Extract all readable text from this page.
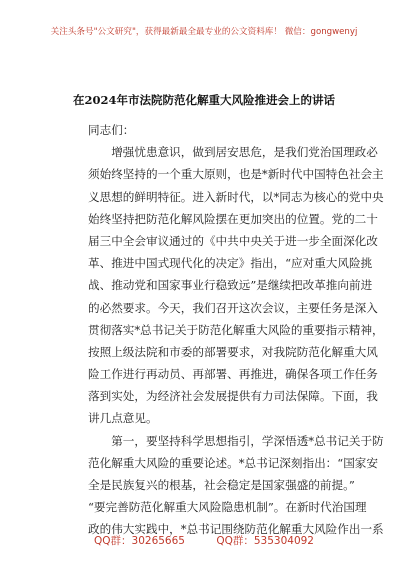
关注头条号"公文研究"，获得最新最全最专业的公文资料库！ 微信：gongwenyj
在2024年市法院防范化解重大风险推进会上的讲话
同志们：
增强忧患意识，做到居安思危，是我们党治国理政必
须始终坚持的一个重大原则，也是*新时代中国特色社会主
义思想的鲜明特征。进入新时代，以*同志为核心的党中央
始终坚持把防范化解风险摆在更加突出的位置。党的二十
届三中全会审议通过的《中共中央关于进一步全面深化改
革、推进中国式现代化的决定》指出，“应对重大风险挑
战、推动党和国家事业行稳致远”是继续把改革推向前进
的必然要求。今天，我们召开这次会议，主要任务是深入
贯彻落实*总书记关于防范化解重大风险的重要指示精神，
按照上级法院和市委的部署要求，对我院防范化解重大风
险工作进行再动员、再部署、再推进，确保各项工作任务
落到实处，为经济社会发展提供有力司法保障。下面，我
讲几点意见。
第一，要坚持科学思想指引，学深悟透*总书记关于防
范化解重大风险的重要论述。*总书记深刻指出：“国家安
全是民族复兴的根基，社会稳定是国家强盛的前提。”
“要完善防范化解重大风险隐患机制”。在新时代治国理
政的伟大实践中，*总书记围绕防范化解重大风险作出一系
QQ群：30265665	QQ群：535304092
